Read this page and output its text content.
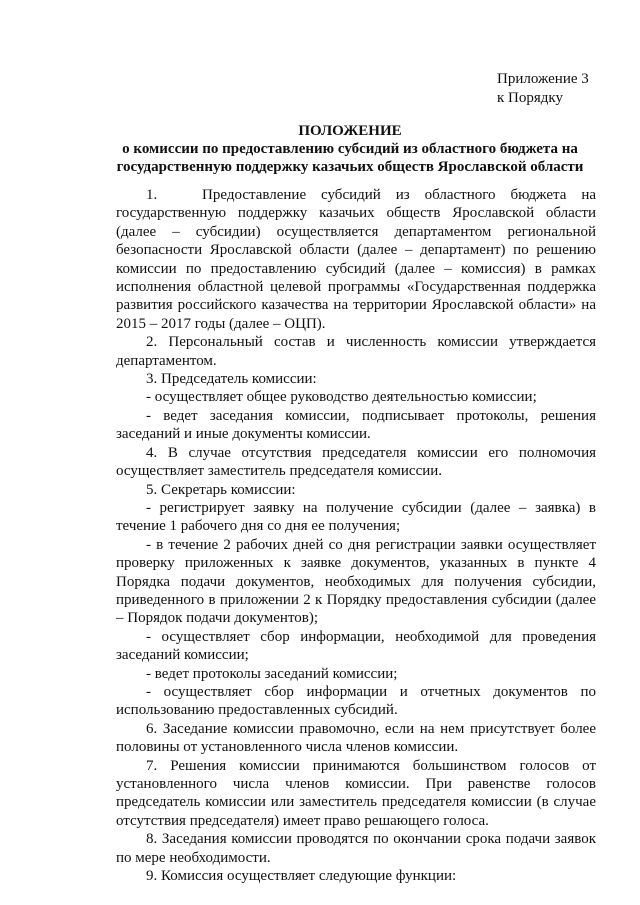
Приложение 3
к Порядку
ПОЛОЖЕНИЕ
о комиссии по предоставлению субсидий из областного бюджета на
государственную поддержку казачьих обществ Ярославской области

1.   Предоставление субсидий из областного бюджета на государственную поддержку казачьих обществ Ярославской области (далее – субсидии) осуществляется департаментом региональной безопасности Ярославской области (далее – департамент) по решению комиссии по предоставлению субсидий (далее – комиссия) в рамках исполнения областной целевой программы «Государственная поддержка развития российского казачества на территории Ярославской области» на 2015 – 2017 годы (далее – ОЦП).

2. Персональный состав и численность комиссии утверждается департаментом.

3. Председатель комиссии:

- осуществляет общее руководство деятельностью комиссии;

- ведет заседания комиссии, подписывает протоколы, решения заседаний и иные документы комиссии.

4. В случае отсутствия председателя комиссии его полномочия осуществляет заместитель председателя комиссии.

5. Секретарь комиссии:

- регистрирует заявку на получение субсидии (далее – заявка) в течение 1 рабочего дня со дня ее получения;

- в течение 2 рабочих дней со дня регистрации заявки осуществляет проверку приложенных к заявке документов, указанных в пункте 4 Порядка подачи документов, необходимых для получения субсидии, приведенного в приложении 2 к Порядку предоставления субсидии (далее – Порядок подачи документов);

- осуществляет сбор информации, необходимой для проведения заседаний комиссии;

- ведет протоколы заседаний комиссии;

- осуществляет сбор информации и отчетных документов по использованию предоставленных субсидий.

6. Заседание комиссии правомочно, если на нем присутствует более половины от установленного числа членов комиссии.

7. Решения комиссии принимаются большинством голосов от установленного числа членов комиссии. При равенстве голосов председатель комиссии или заместитель председателя комиссии (в случае отсутствия председателя) имеет право решающего голоса.

8. Заседания комиссии проводятся по окончании срока подачи заявок по мере необходимости.

9. Комиссия осуществляет следующие функции:
